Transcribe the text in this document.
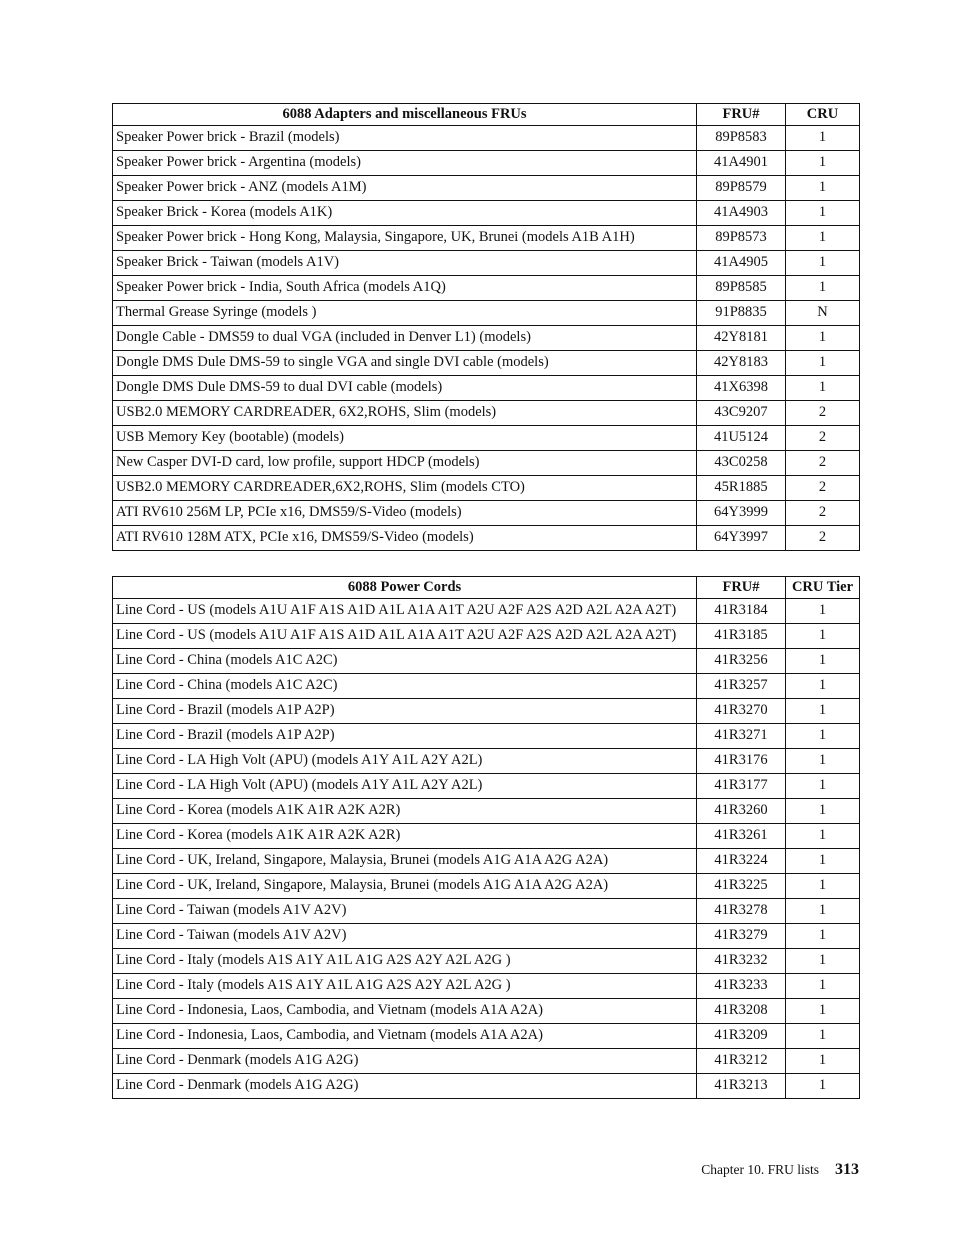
6088 Adapters and miscellaneous FRUs	FRU#	CRU
Speaker Power brick - Brazil (models)	89P8583	1
Speaker Power brick - Argentina (models)	41A4901	1
Speaker Power brick - ANZ (models A1M)	89P8579	1
Speaker Brick - Korea (models A1K)	41A4903	1
Speaker Power brick - Hong Kong, Malaysia, Singapore, UK, Brunei (models A1B A1H)	89P8573	1
Speaker Brick - Taiwan (models A1V)	41A4905	1
Speaker Power brick - India, South Africa (models A1Q)	89P8585	1
Thermal Grease Syringe (models )	91P8835	N
Dongle Cable - DMS59 to dual VGA (included in Denver L1) (models)	42Y8181	1
Dongle DMS Dule DMS-59 to single VGA and single DVI cable (models)	42Y8183	1
Dongle DMS Dule DMS-59 to dual DVI cable (models)	41X6398	1
USB2.0 MEMORY CARDREADER, 6X2,ROHS, Slim (models)	43C9207	2
USB Memory Key (bootable) (models)	41U5124	2
New Casper DVI-D card, low profile, support HDCP (models)	43C0258	2
USB2.0 MEMORY CARDREADER,6X2,ROHS, Slim (models CTO)	45R1885	2
ATI RV610 256M LP, PCIe x16, DMS59/S-Video (models)	64Y3999	2
ATI RV610 128M ATX, PCIe x16, DMS59/S-Video (models)	64Y3997	2
6088 Power Cords	FRU#	CRU Tier
Line Cord - US (models A1U A1F A1S A1D A1L A1A A1T A2U A2F A2S A2D A2L A2A A2T)	41R3184	1
Line Cord - US (models A1U A1F A1S A1D A1L A1A A1T A2U A2F A2S A2D A2L A2A A2T)	41R3185	1
Line Cord - China (models A1C A2C)	41R3256	1
Line Cord - China (models A1C A2C)	41R3257	1
Line Cord - Brazil (models A1P A2P)	41R3270	1
Line Cord - Brazil (models A1P A2P)	41R3271	1
Line Cord - LA High Volt (APU) (models A1Y A1L A2Y A2L)	41R3176	1
Line Cord - LA High Volt (APU) (models A1Y A1L A2Y A2L)	41R3177	1
Line Cord - Korea (models A1K A1R A2K A2R)	41R3260	1
Line Cord - Korea (models A1K A1R A2K A2R)	41R3261	1
Line Cord - UK, Ireland, Singapore, Malaysia, Brunei (models A1G A1A A2G A2A)	41R3224	1
Line Cord - UK, Ireland, Singapore, Malaysia, Brunei (models A1G A1A A2G A2A)	41R3225	1
Line Cord - Taiwan (models A1V A2V)	41R3278	1
Line Cord - Taiwan (models A1V A2V)	41R3279	1
Line Cord - Italy (models A1S A1Y A1L A1G A2S A2Y A2L A2G )	41R3232	1
Line Cord - Italy (models A1S A1Y A1L A1G A2S A2Y A2L A2G )	41R3233	1
Line Cord - Indonesia, Laos, Cambodia, and Vietnam (models A1A A2A)	41R3208	1
Line Cord - Indonesia, Laos, Cambodia, and Vietnam (models A1A A2A)	41R3209	1
Line Cord - Denmark (models A1G A2G)	41R3212	1
Line Cord - Denmark (models A1G A2G)	41R3213	1
Chapter 10. FRU lists 313
